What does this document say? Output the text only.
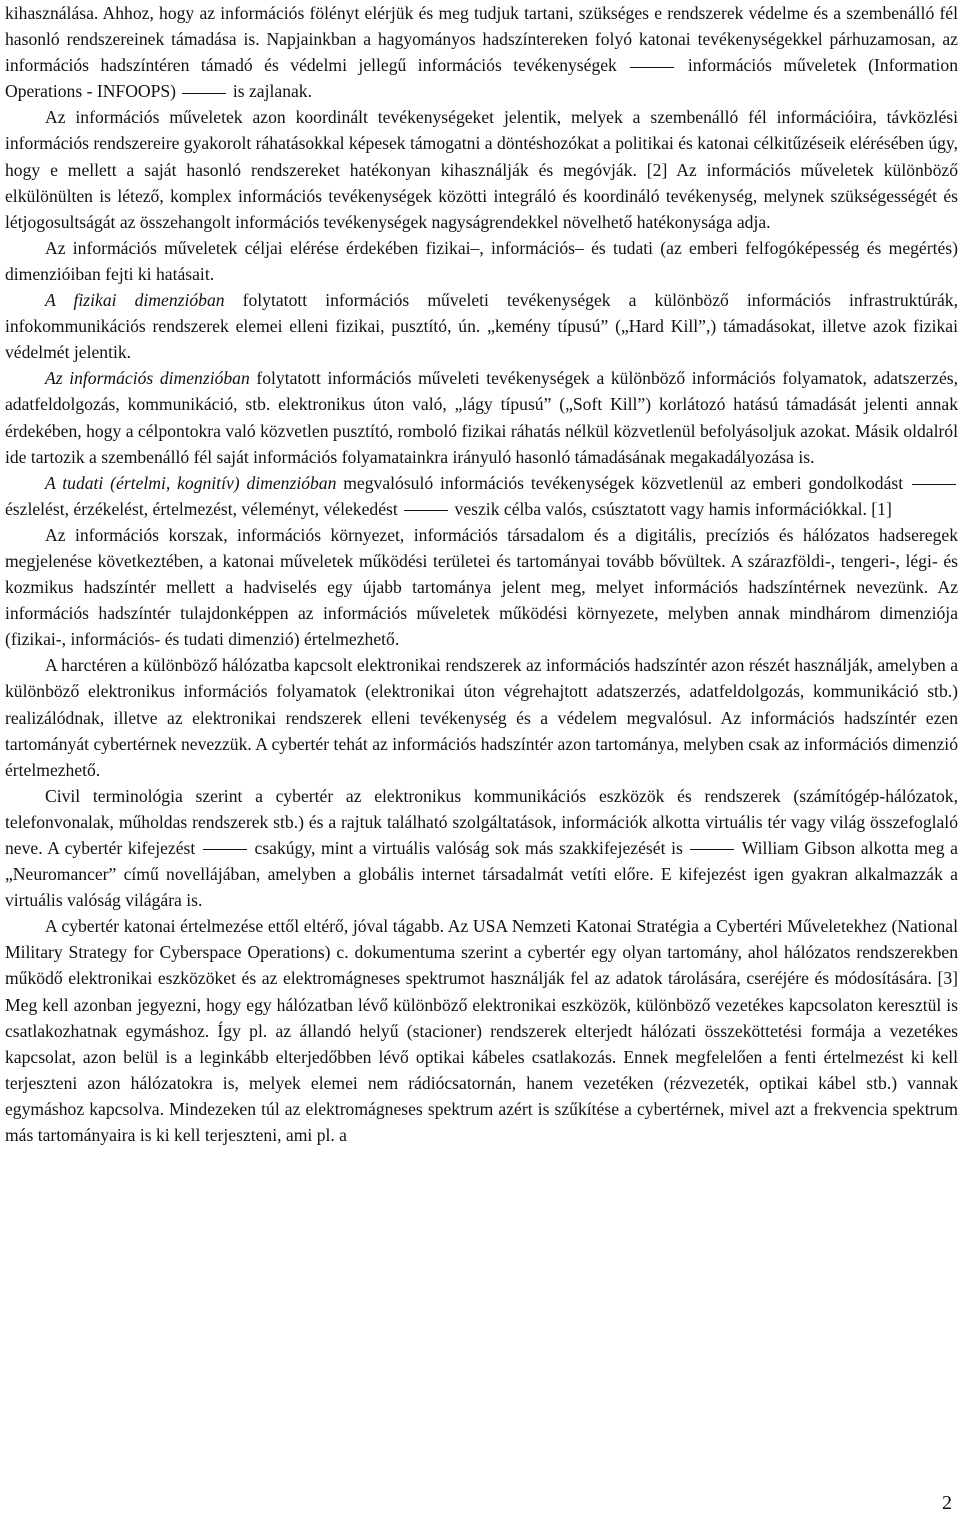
kihasználása. Ahhoz, hogy az információs fölényt elérjük és meg tudjuk tartani, szükséges e rendszerek védelme és a szembenálló fél hasonló rendszereinek támadása is. Napjainkban a hagyományos hadszíntereken folyó katonai tevékenységekkel párhuzamosan, az információs hadszíntéren támadó és védelmi jellegű információs tevékenységek	információs műveletek (Information Operations - INFOOPS)	is zajlanak.

Az információs műveletek azon koordinált tevékenységeket jelentik, melyek a szembenálló fél információira, távközlési információs rendszereire gyakorolt ráhatásokkal képesek támogatni a döntéshozókat a politikai és katonai célkitűzéseik elérésében úgy, hogy e mellett a saját hasonló rendszereket hatékonyan kihasználják és megóvják. [2] Az információs műveletek különböző elkülönülten is létező, komplex információs tevékenységek közötti integráló és koordináló tevékenység, melynek szükségességét és létjogosultságát az összehangolt információs tevékenységek nagyságrendekkel növelhető hatékonysága adja.

Az információs műveletek céljai elérése érdekében fizikai–, információs– és tudati (az emberi felfogóképesség és megértés) dimenzióiban fejti ki hatásait.

A fizikai dimenzióban folytatott információs műveleti tevékenységek a különböző információs infrastruktúrák, infokommunikációs rendszerek elemei elleni fizikai, pusztító, ún. „kemény típusú” („Hard Kill”,) támadásokat, illetve azok fizikai védelmét jelentik.

Az információs dimenzióban folytatott információs műveleti tevékenységek a különböző információs folyamatok, adatszerzés, adatfeldolgozás, kommunikáció, stb. elektronikus úton való, „lágy típusú” („Soft Kill”) korlátozó hatású támadását jelenti annak érdekében, hogy a célpontokra való közvetlen pusztító, romboló fizikai ráhatás nélkül közvetlenül befolyásoljuk azokat. Másik oldalról ide tartozik a szembenálló fél saját információs folyamatainkra irányuló hasonló támadásának megakadályozása is.

A tudati (értelmi, kognitív) dimenzióban megvalósuló információs tevékenységek közvetlenül az emberi gondolkodást  észlelést, érzékelést, értelmezést, véleményt, vélekedést	veszik célba valós, csúsztatott vagy hamis információkkal. [1]

Az információs korszak, információs környezet, információs társadalom és a digitális, precíziós és hálózatos hadseregek megjelenése következtében, a katonai műveletek működési területei és tartományai tovább bővültek. A szárazföldi-, tengeri-, légi- és kozmikus hadszíntér mellett a hadviselés egy újabb tartománya jelent meg, melyet információs hadszíntérnek nevezünk. Az információs hadszíntér tulajdonképpen az információs műveletek működési környezete, melyben annak mindhárom dimenziója (fizikai-, információs- és tudati dimenzió) értelmezhető.

A harctéren a különböző hálózatba kapcsolt elektronikai rendszerek az információs hadszíntér azon részét használják, amelyben a különböző elektronikus információs folyamatok (elektronikai úton végrehajtott adatszerzés, adatfeldolgozás, kommunikáció stb.) realizálódnak, illetve az elektronikai rendszerek elleni tevékenység és a védelem megvalósul. Az információs hadszíntér ezen tartományát cybertérnek nevezzük. A cybertér tehát az információs hadszíntér azon tartománya, melyben csak az információs dimenzió értelmezhető.

Civil terminológia szerint a cybertér az elektronikus kommunikációs eszközök és rendszerek (számítógép-hálózatok, telefonvonalak, műholdas rendszerek stb.) és a rajtuk található szolgáltatások, információk alkotta virtuális tér vagy világ összefoglaló neve. A cybertér kifejezést	csakúgy, mint a virtuális valóság sok más szakkifejezését is	William Gibson alkotta meg a „Neuromancer” című novellájában, amelyben a globális internet társadalmát vetíti előre. E kifejezést igen gyakran alkalmazzák a virtuális valóság világára is.

A cybertér katonai értelmezése ettől eltérő, jóval tágabb. Az USA Nemzeti Katonai Stratégia a Cybertéri Műveletekhez (National Military Strategy for Cyberspace Operations) c. dokumentuma szerint a cybertér egy olyan tartomány, ahol hálózatos rendszerekben működő elektronikai eszközöket és az elektromágneses spektrumot használják fel az adatok tárolására, cseréjére és módosítására. [3] Meg kell azonban jegyezni, hogy egy hálózatban lévő különböző elektronikai eszközök, különböző vezetékes kapcsolaton keresztül is csatlakozhatnak egymáshoz. Így pl. az állandó helyű (stacioner) rendszerek elterjedt hálózati összeköttetési formája a vezetékes kapcsolat, azon belül is a leginkább elterjedőbben lévő optikai kábeles csatlakozás. Ennek megfelelően a fenti értelmezést ki kell terjeszteni azon hálózatokra is, melyek elemei nem rádiócsatornán, hanem vezetéken (rézvezeték, optikai kábel stb.) vannak egymáshoz kapcsolva. Mindezeken túl az elektromágneses spektrum azért is szűkítése a cybertérnek, mivel azt a frekvencia spektrum más tartományaira is ki kell terjeszteni, ami pl. a

2
